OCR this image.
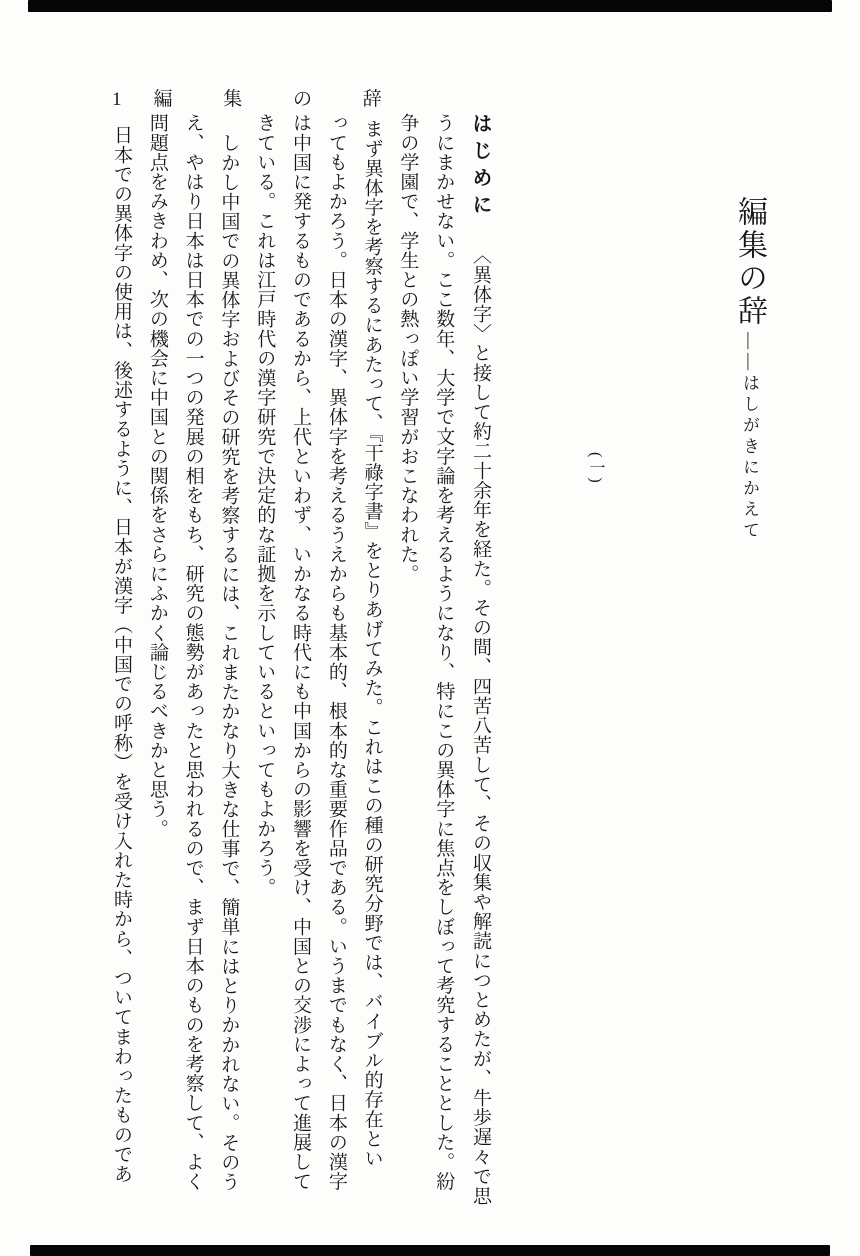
1 編 集 の 辞
編集の辞——はしがきにかえて
(一)
はじめに〈異体字〉と接して約二十余年を経た。その間、四苦八苦して、その収集や解読につとめたが、牛歩遅々で思
うにまかせない。ここ数年、大学で文字論を考えるようになり、特にこの異体字に焦点をしぼって考究することとした。紛
争の学園で、学生との熱っぽい学習がおこなわれた。
まず異体字を考察するにあたって、『干祿字書』をとりあげてみた。これはこの種の研究分野では、バイブル的存在とい
ってもよかろう。日本の漢字、異体字を考えるうえからも基本的、根本的な重要作品である。いうまでもなく、日本の漢字
は中国に発するものであるから、上代といわず、いかなる時代にも中国からの影響を受け、中国との交渉によって進展して
きている。これは江戸時代の漢字研究で決定的な証拠を示しているといってもよかろう。
しかし中国での異体字およびその研究を考察するには、これまたかなり大きな仕事で、簡単にはとりかかれない。そのう
え、やはり日本は日本での一つの発展の相をもち、研究の態勢があったと思われるので、まず日本のものを考察して、よく
問題点をみきわめ、次の機会に中国との関係をさらにふかく論じるべきかと思う。
日本での異体字の使用は、後述するように、日本が漢字（中国での呼称）を受け入れた時から、ついてまわったものであ
